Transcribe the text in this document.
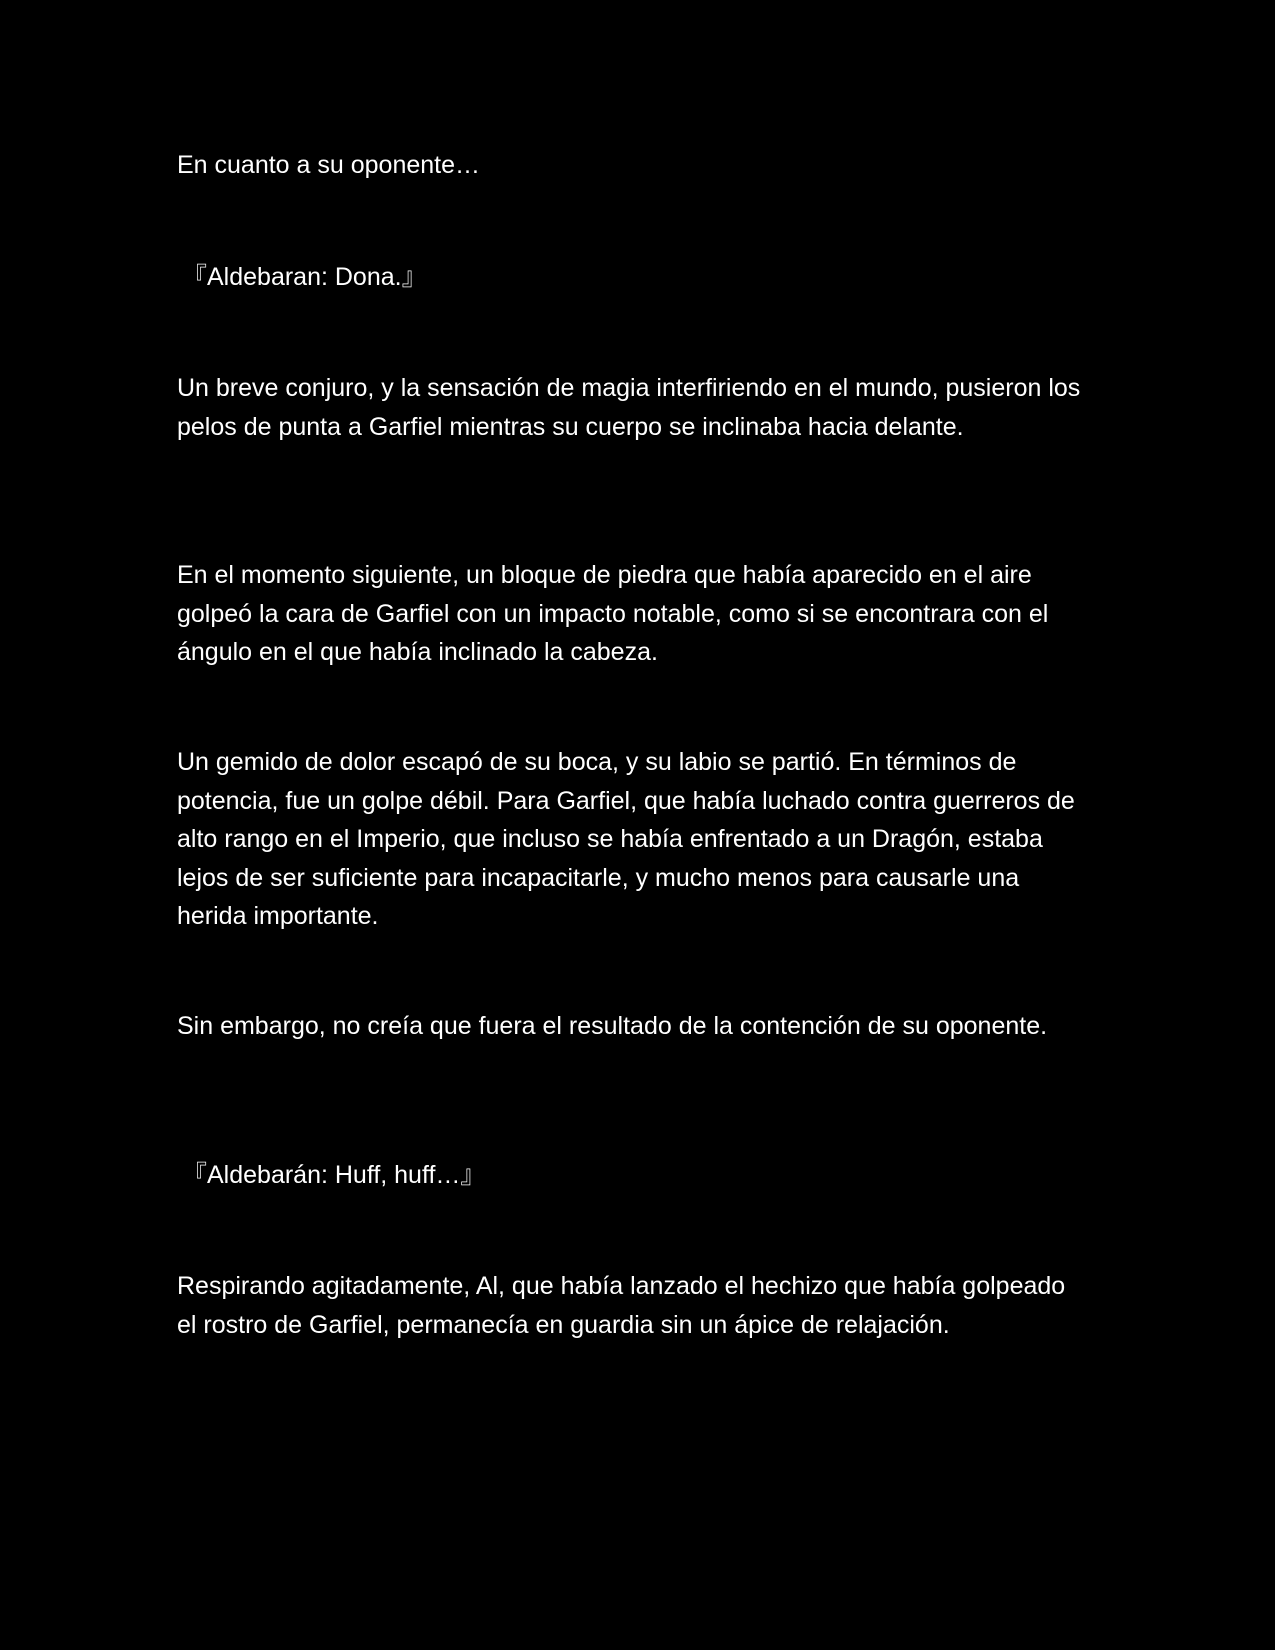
En cuanto a su oponente…

『Aldebaran: Dona.』

Un breve conjuro, y la sensación de magia interfiriendo en el mundo, pusieron los pelos de punta a Garfiel mientras su cuerpo se inclinaba hacia delante.

En el momento siguiente, un bloque de piedra que había aparecido en el aire golpeó la cara de Garfiel con un impacto notable, como si se encontrara con el ángulo en el que había inclinado la cabeza.

Un gemido de dolor escapó de su boca, y su labio se partió. En términos de potencia, fue un golpe débil. Para Garfiel, que había luchado contra guerreros de alto rango en el Imperio, que incluso se había enfrentado a un Dragón, estaba lejos de ser suficiente para incapacitarle, y mucho menos para causarle una herida importante.

Sin embargo, no creía que fuera el resultado de la contención de su oponente.

『Aldebarán: Huff, huff…』

Respirando agitadamente, Al, que había lanzado el hechizo que había golpeado el rostro de Garfiel, permanecía en guardia sin un ápice de relajación.
